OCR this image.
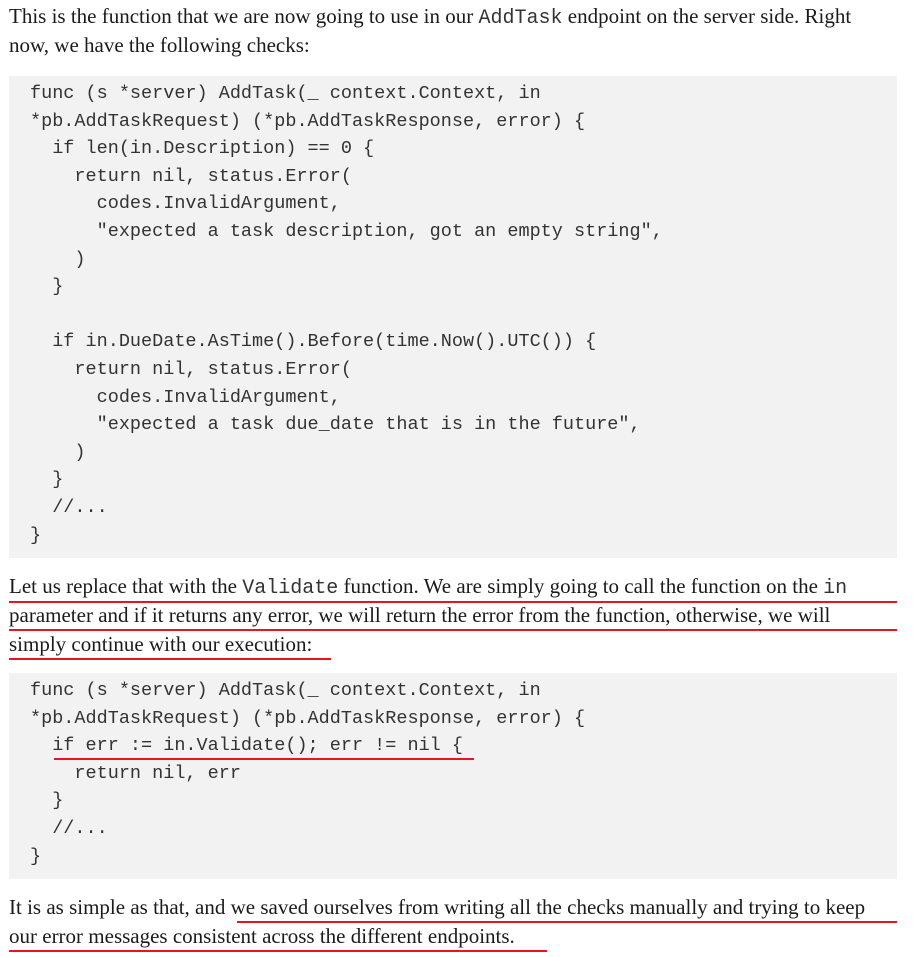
This is the function that we are now going to use in our AddTask endpoint on the server side. Right
now, we have the following checks:

func (s *server) AddTask(_ context.Context, in
*pb.AddTaskRequest) (*pb.AddTaskResponse, error) {
if len(in.Description) == 0 {
return nil, status.Error(
codes.InvalidArgument,
"expected a task description, got an empty string",
)
}

if in.DueDate.AsTime().Before(time.Now().UTC()) {
return nil, status.Error(
codes.InvalidArgument,
"expected a task due_date that is in the future",
)
}
//...
}

Let us replace that with the Validate function. We are simply going to call the function on the in
parameter and if it returns any error, we will return the error from the function, otherwise, we will
simply continue with our execution:

func (s *server) AddTask(_ context.Context, in
*pb.AddTaskRequest) (*pb.AddTaskResponse, error) {
if err := in.Validate(); err != nil {
return nil, err
}
//...
}

It is as simple as that, and we saved ourselves from writing all the checks manually and trying to keep
our error messages consistent across the different endpoints.
